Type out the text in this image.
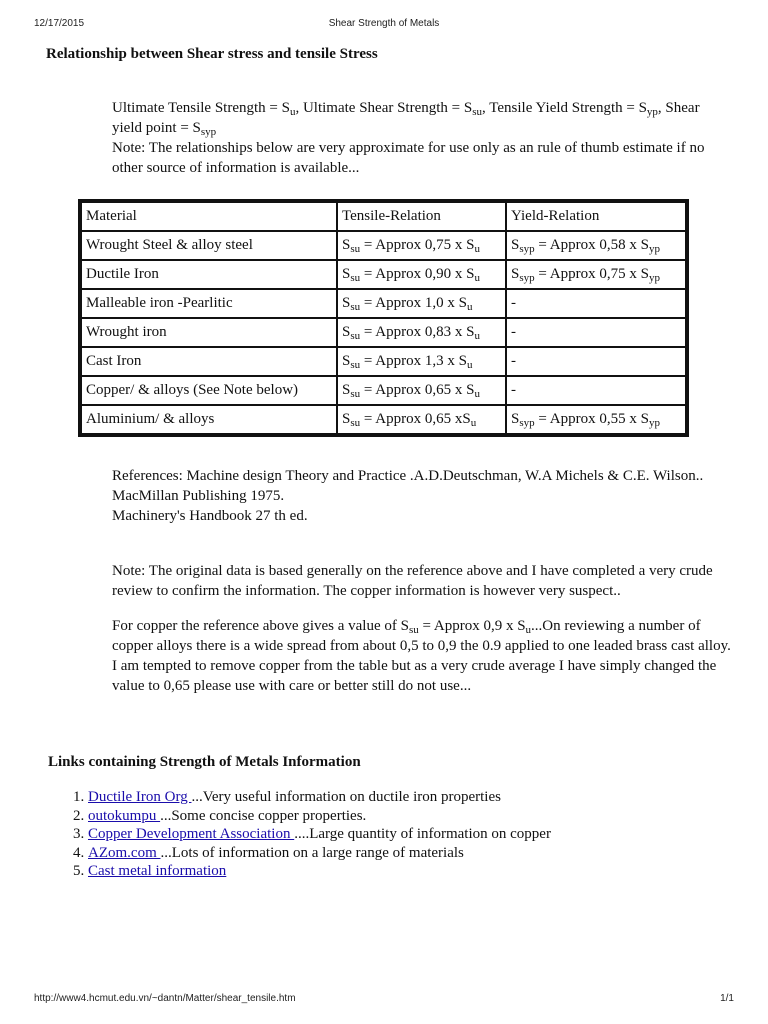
12/17/2015	Shear Strength of Metals
Relationship between Shear stress and tensile Stress
Ultimate Tensile Strength = $S_u$, Ultimate Shear Strength = $S_{su}$, Tensile Yield Strength = $S_{yp}$, Shear yield point = $S_{syp}$
Note: The relationships below are very approximate for use only as an rule of thumb estimate if no other source of information is available...
Material	Tensile-Relation	Yield-Relation
Wrought Steel & alloy steel	$S_{su}$ = Approx 0,75 x $S_u$	$S_{syp}$ = Approx 0,58 x $S_{yp}$
Ductile Iron	$S_{su}$ = Approx 0,90 x $S_u$	$S_{syp}$ = Approx 0,75 x $S_{yp}$
Malleable iron -Pearlitic	$S_{su}$ = Approx 1,0 x $S_u$	-
Wrought iron	$S_{su}$ = Approx 0,83 x $S_u$	-
Cast Iron	$S_{su}$ = Approx 1,3 x $S_u$	-
Copper/ & alloys (See Note below)	$S_{su}$ = Approx 0,65 x $S_u$	-
Aluminium/ & alloys	$S_{su}$ = Approx 0,65 $xS_u$	$S_{syp}$ = Approx 0,55 x $S_{yp}$
References: Machine design Theory and Practice .A.D.Deutschman, W.A Michels & C.E. Wilson.. MacMillan Publishing 1975.
Machinery's Handbook 27 th ed.
Note: The original data is based generally on the reference above and I have completed a very crude review to confirm the information. The copper information is however very suspect..
For copper the reference above gives a value of $S_{su}$ = Approx 0,9 x $S_u...On$ reviewing a number of copper alloys there is a wide spread from about 0,5 to 0,9 the 0.9 applied to one leaded brass cast alloy. I am tempted to remove copper from the table but as a very crude average I have simply changed the value to 0,65 please use with care or better still do not use...
Links containing Strength of Metals Information
1. Ductile Iron Org ...Very useful information on ductile iron properties
2. outokumpu ...Some concise copper properties.
3. Copper Development Association ....Large quantity of information on copper
4. AZom.com ...Lots of information on a large range of materials
5. Cast metal information
http://www4.hcmut.edu.vn/~dantn/Matter/shear_tensile.htm	1/1
